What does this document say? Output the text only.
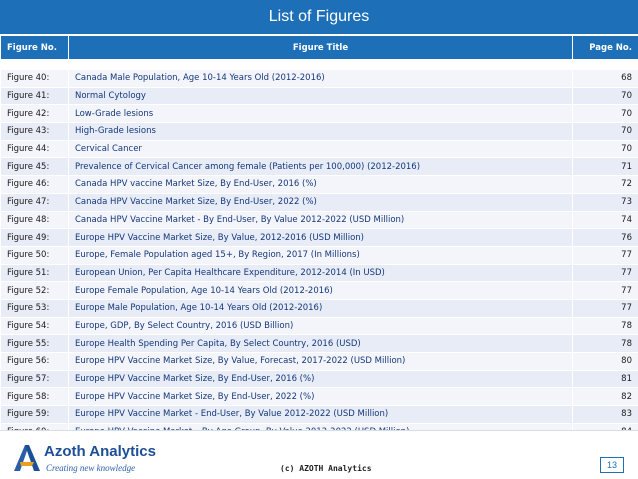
List of Figures
Figure No.	Figure Title	Page No.

Figure 40:	Canada Male Population, Age 10-14 Years Old (2012-2016)	68
Figure 41:	Normal Cytology	70
Figure 42:	Low-Grade lesions	70
Figure 43:	High-Grade lesions	70
Figure 44:	Cervical Cancer	70
Figure 45:	Prevalence of Cervical Cancer among female (Patients per 100,000) (2012-2016)	71
Figure 46:	Canada HPV vaccine Market Size, By End-User, 2016 (%)	72
Figure 47:	Canada HPV Vaccine Market Size, By End-User, 2022 (%)	73
Figure 48:	Canada HPV Vaccine Market - By End-User, By Value 2012-2022 (USD Million)	74
Figure 49:	Europe HPV Vaccine Market Size, By Value, 2012-2016 (USD Million)	76
Figure 50:	Europe, Female Population aged 15+, By Region, 2017 (In Millions)	77
Figure 51:	European Union, Per Capita Healthcare Expenditure, 2012-2014 (In USD)	77
Figure 52:	Europe Female Population, Age 10-14 Years Old (2012-2016)	77
Figure 53:	Europe Male Population, Age 10-14 Years Old (2012-2016)	77
Figure 54:	Europe, GDP, By Select Country, 2016 (USD Billion)	78
Figure 55:	Europe Health Spending Per Capita, By Select Country, 2016 (USD)	78
Figure 56:	Europe HPV Vaccine Market Size, By Value, Forecast, 2017-2022 (USD Million)	80
Figure 57:	Europe HPV Vaccine Market Size, By End-User, 2016 (%)	81
Figure 58:	Europe HPV Vaccine Market Size, By End-User, 2022 (%)	82
Figure 59:	Europe HPV Vaccine Market - End-User, By Value 2012-2022 (USD Million)	83

Azoth Analytics
Creating new knowledge	(c) AZOTH Analytics	13
